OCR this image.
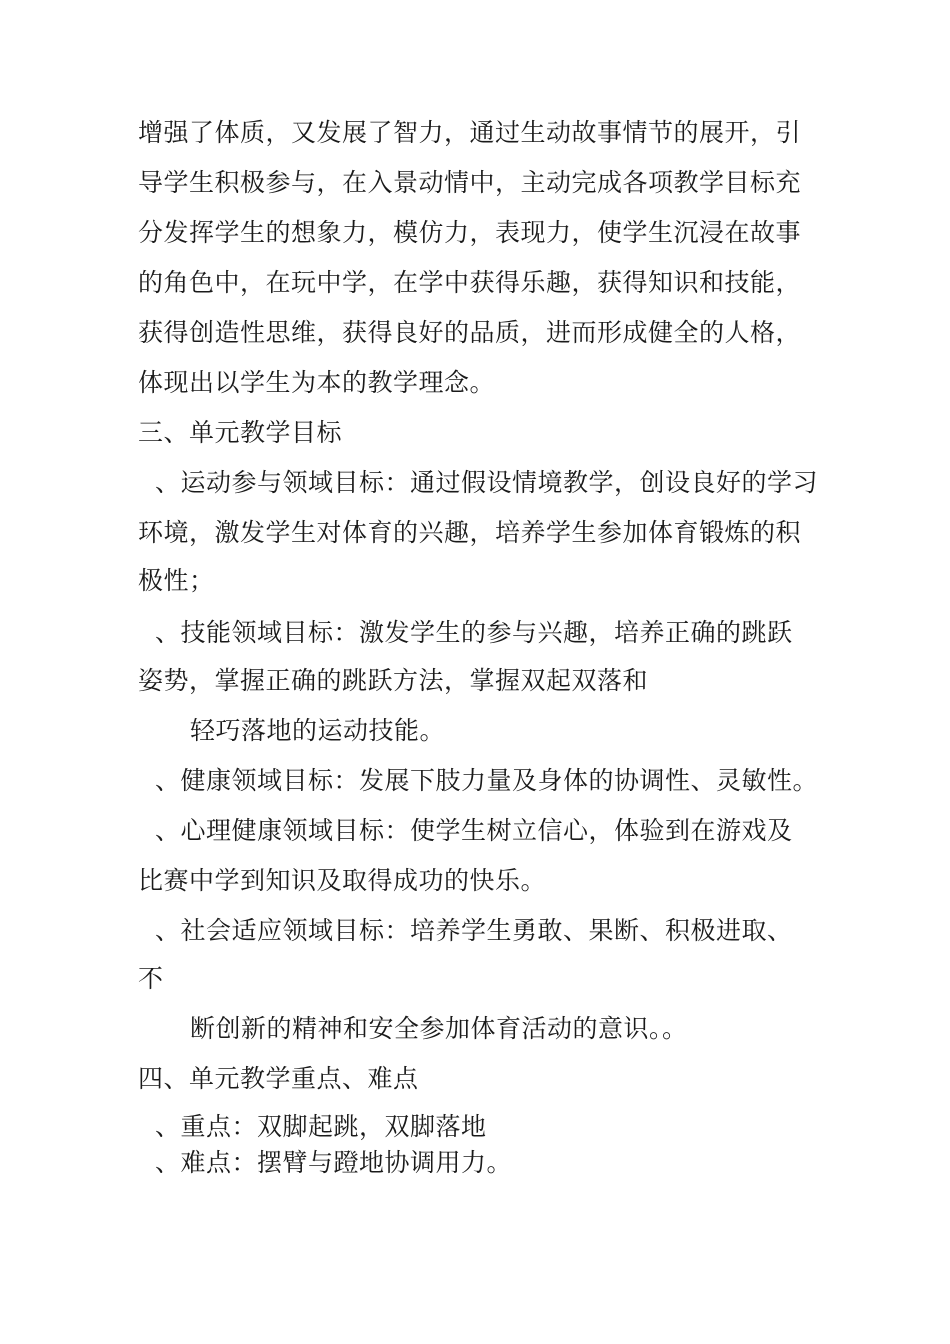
增强了体质，又发展了智力，通过生动故事情节的展开，引
导学生积极参与，在入景动情中，主动完成各项教学目标充
分发挥学生的想象力，模仿力，表现力，使学生沉浸在故事
的角色中，在玩中学，在学中获得乐趣，获得知识和技能，
获得创造性思维，获得良好的品质，进而形成健全的人格，
体现出以学生为本的教学理念。
三、单元教学目标
、运动参与领域目标：通过假设情境教学，创设良好的学习
环境，激发学生对体育的兴趣，培养学生参加体育锻炼的积
极性；
、技能领域目标：激发学生的参与兴趣，培养正确的跳跃
姿势，掌握正确的跳跃方法，掌握双起双落和
轻巧落地的运动技能。
、健康领域目标：发展下肢力量及身体的协调性、灵敏性。
、心理健康领域目标：使学生树立信心，体验到在游戏及
比赛中学到知识及取得成功的快乐。
、社会适应领域目标：培养学生勇敢、果断、积极进取、
不
断创新的精神和安全参加体育活动的意识。。
四、单元教学重点、难点
、重点：双脚起跳，双脚落地
、难点：摆臂与蹬地协调用力。
